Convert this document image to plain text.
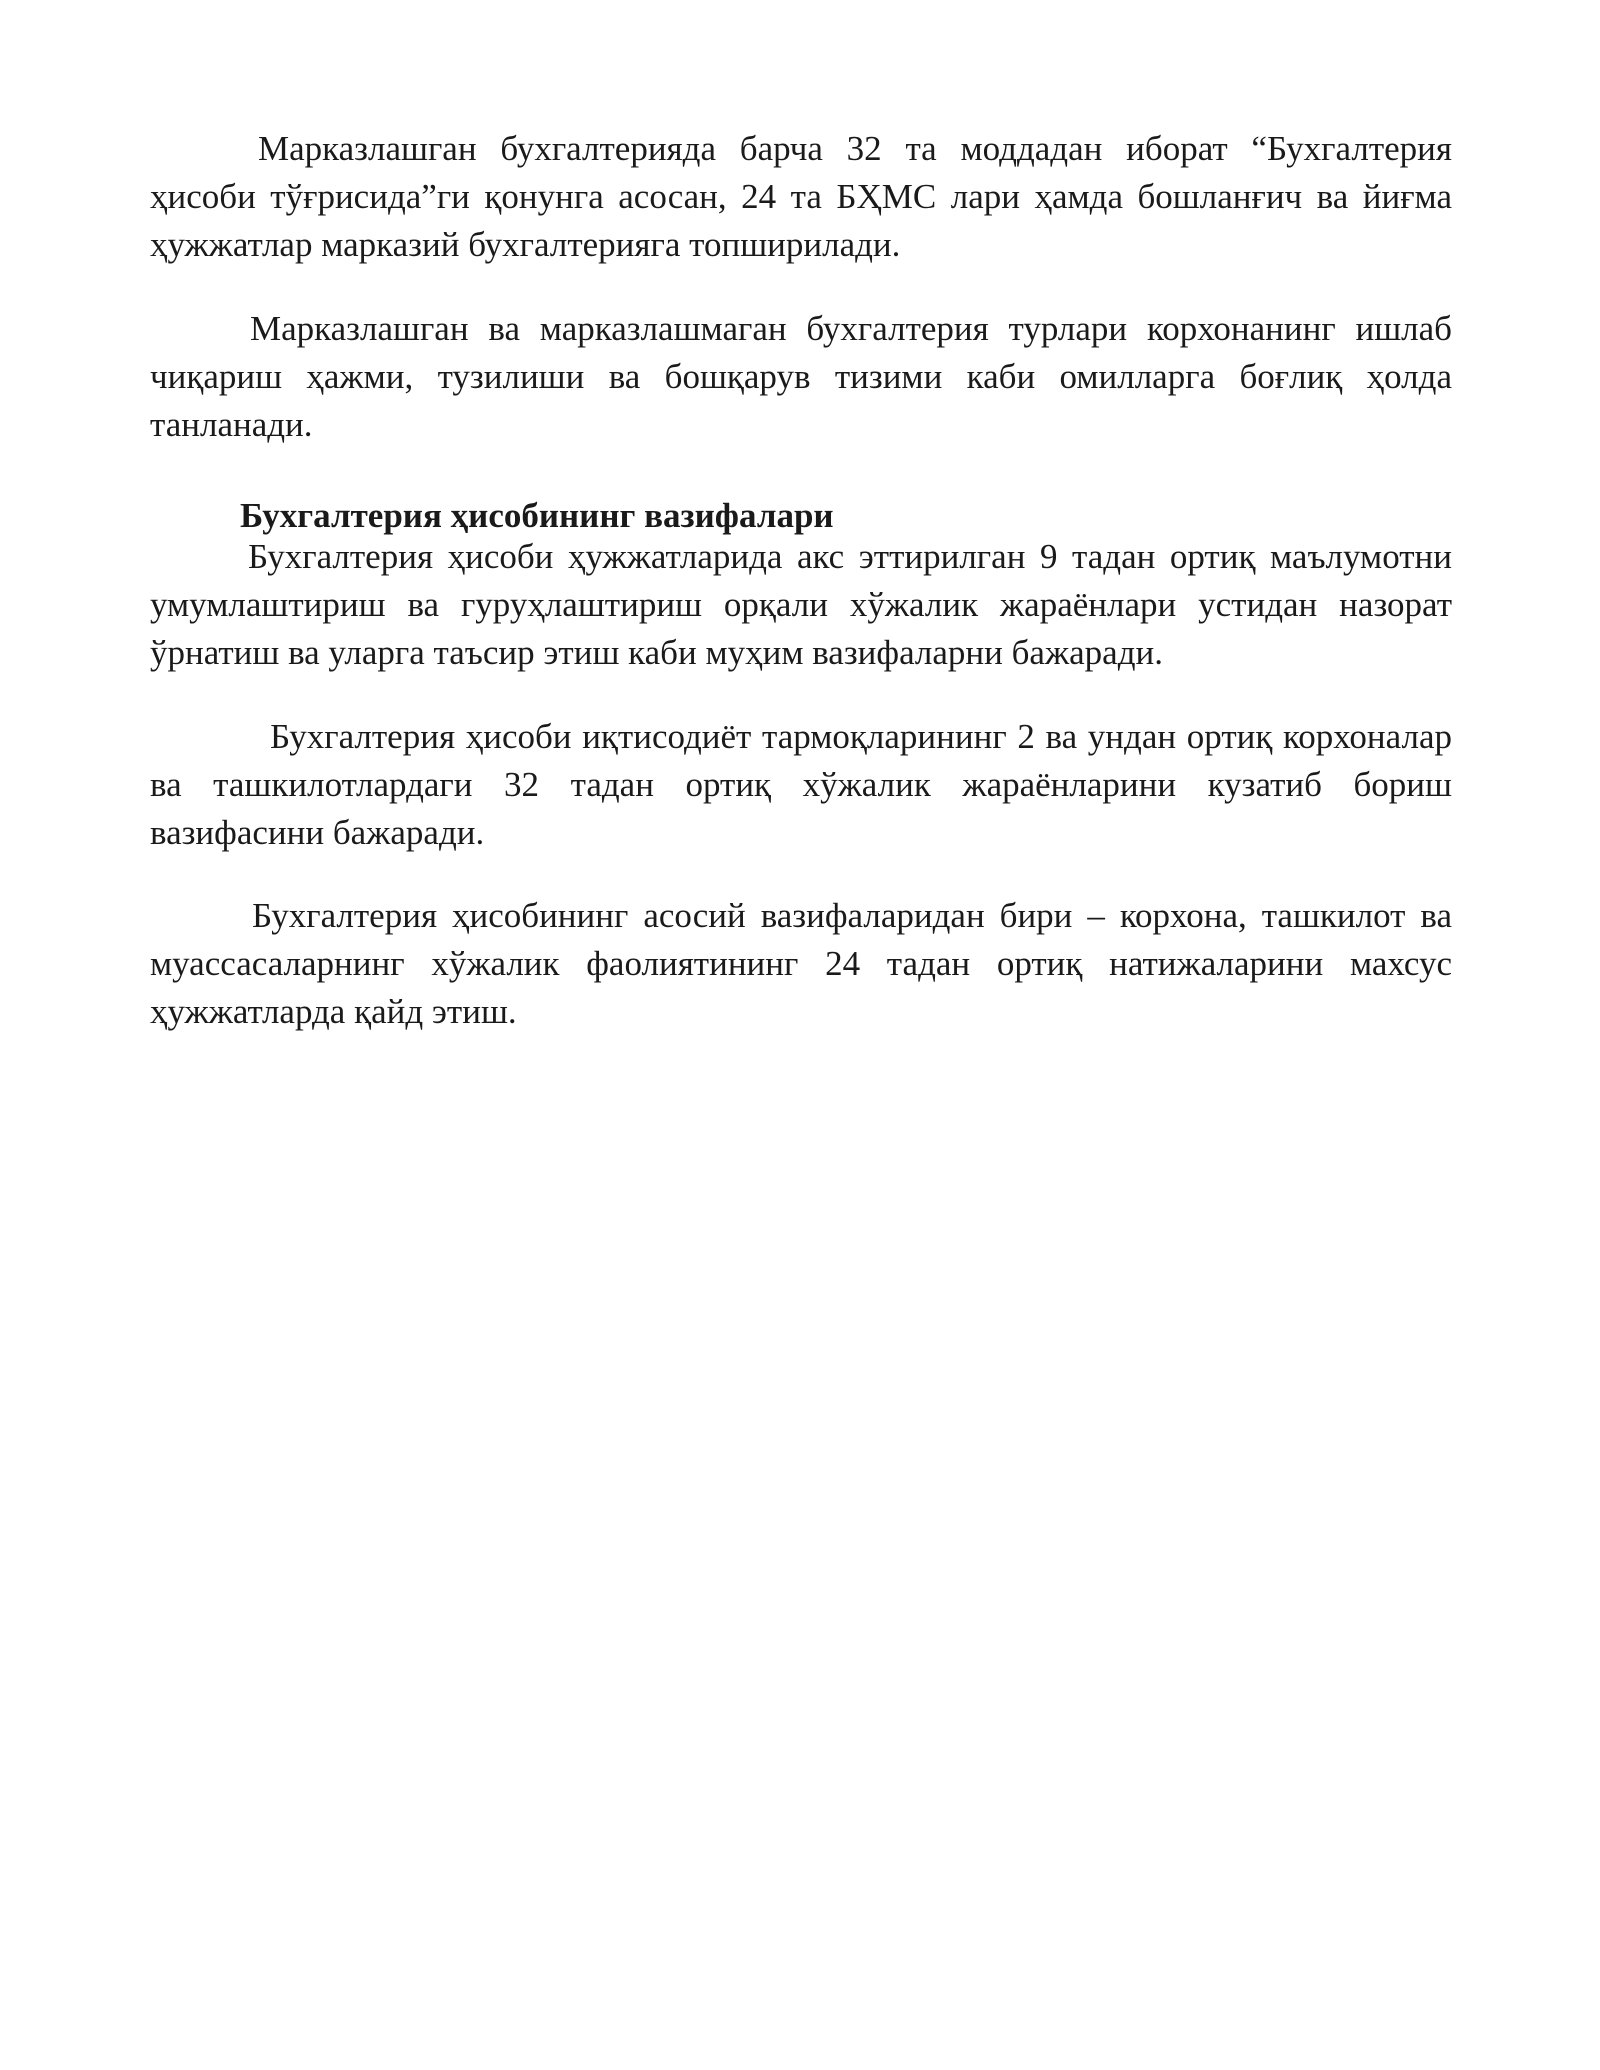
Марказлашган бухгалтерияда барча 32 та моддадан иборат “Бухгалтерия ҳисоби тўғрисида”ги қонунга асосан, 24 та БҲМС лари ҳамда бошланғич ва йиғма ҳужжатлар марказий бухгалтерияга топширилади.

Марказлашган ва марказлашмаган бухгалтерия турлари корхонанинг ишлаб чиқариш ҳажми, тузилиши ва бошқарув тизими каби омилларга боғлиқ ҳолда танланади.

Бухгалтерия ҳисобининг вазифалари

Бухгалтерия ҳисоби ҳужжатларида акс эттирилган 9 тадан ортиқ маълумотни умумлаштириш ва гуруҳлаштириш орқали хўжалик жараёнлари устидан назорат ўрнатиш ва уларга таъсир этиш каби муҳим вазифаларни бажаради.

Бухгалтерия ҳисоби иқтисодиёт тармоқларининг 2 ва ундан ортиқ корхоналар ва ташкилотлардаги 32 тадан ортиқ хўжалик жараёнларини кузатиб бориш вазифасини бажаради.

Бухгалтерия ҳисобининг асосий вазифаларидан бири – корхона, ташкилот ва муассасаларнинг хўжалик фаолиятининг 24 тадан ортиқ натижаларини махсус ҳужжатларда қайд этиш.
